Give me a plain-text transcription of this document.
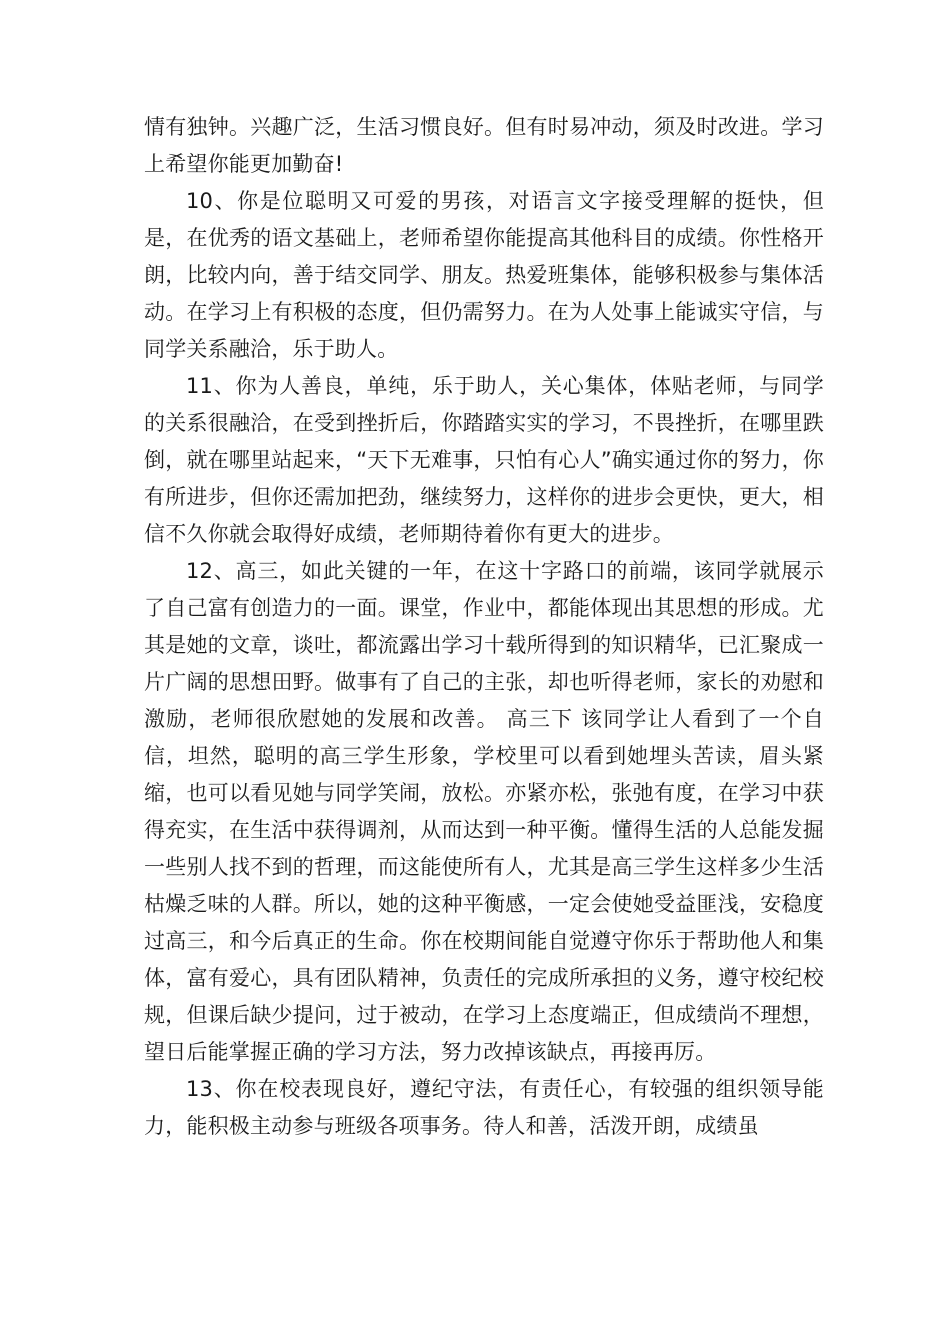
情有独钟。兴趣广泛，生活习惯良好。但有时易冲动，须及时改进。学习上希望你能更加勤奋!

10、你是位聪明又可爱的男孩，对语言文字接受理解的挺快，但是，在优秀的语文基础上，老师希望你能提高其他科目的成绩。你性格开朗，比较内向，善于结交同学、朋友。热爱班集体，能够积极参与集体活动。在学习上有积极的态度，但仍需努力。在为人处事上能诚实守信，与同学关系融洽，乐于助人。

11、你为人善良，单纯，乐于助人，关心集体，体贴老师，与同学的关系很融洽，在受到挫折后，你踏踏实实的学习，不畏挫折，在哪里跌倒，就在哪里站起来，“天下无难事，只怕有心人”确实通过你的努力，你有所进步，但你还需加把劲，继续努力，这样你的进步会更快，更大，相信不久你就会取得好成绩，老师期待着你有更大的进步。

12、高三，如此关键的一年，在这十字路口的前端，该同学就展示了自己富有创造力的一面。课堂，作业中，都能体现出其思想的形成。尤其是她的文章，谈吐，都流露出学习十载所得到的知识精华，已汇聚成一片广阔的思想田野。做事有了自己的主张，却也听得老师，家长的劝慰和激励，老师很欣慰她的发展和改善。 高三下 该同学让人看到了一个自信，坦然，聪明的高三学生形象，学校里可以看到她埋头苦读，眉头紧缩，也可以看见她与同学笑闹，放松。亦紧亦松，张弛有度，在学习中获得充实，在生活中获得调剂，从而达到一种平衡。懂得生活的人总能发掘一些别人找不到的哲理，而这能使所有人，尤其是高三学生这样多少生活枯燥乏味的人群。所以，她的这种平衡感，一定会使她受益匪浅，安稳度过高三，和今后真正的生命。你在校期间能自觉遵守你乐于帮助他人和集体，富有爱心，具有团队精神，负责任的完成所承担的义务，遵守校纪校规，但课后缺少提问，过于被动，在学习上态度端正，但成绩尚不理想，望日后能掌握正确的学习方法，努力改掉该缺点，再接再厉。

13、你在校表现良好，遵纪守法，有责任心，有较强的组织领导能力，能积极主动参与班级各项事务。待人和善，活泼开朗，成绩虽
